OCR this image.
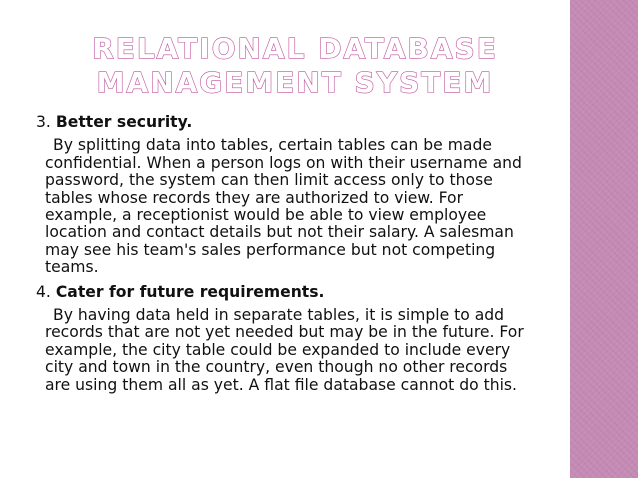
RELATIONAL DATABASE
MANAGEMENT SYSTEM
3. Better security.
By splitting data into tables, certain tables can be made confidential. When a person logs on with their username and password, the system can then limit access only to those tables whose records they are authorized to view. For example, a receptionist would be able to view employee location and contact details but not their salary. A salesman may see his team's sales performance but not competing teams.
4. Cater for future requirements.
By having data held in separate tables, it is simple to add records that are not yet needed but may be in the future. For example, the city table could be expanded to include every city and town in the country, even though no other records are using them all as yet. A flat file database cannot do this.
